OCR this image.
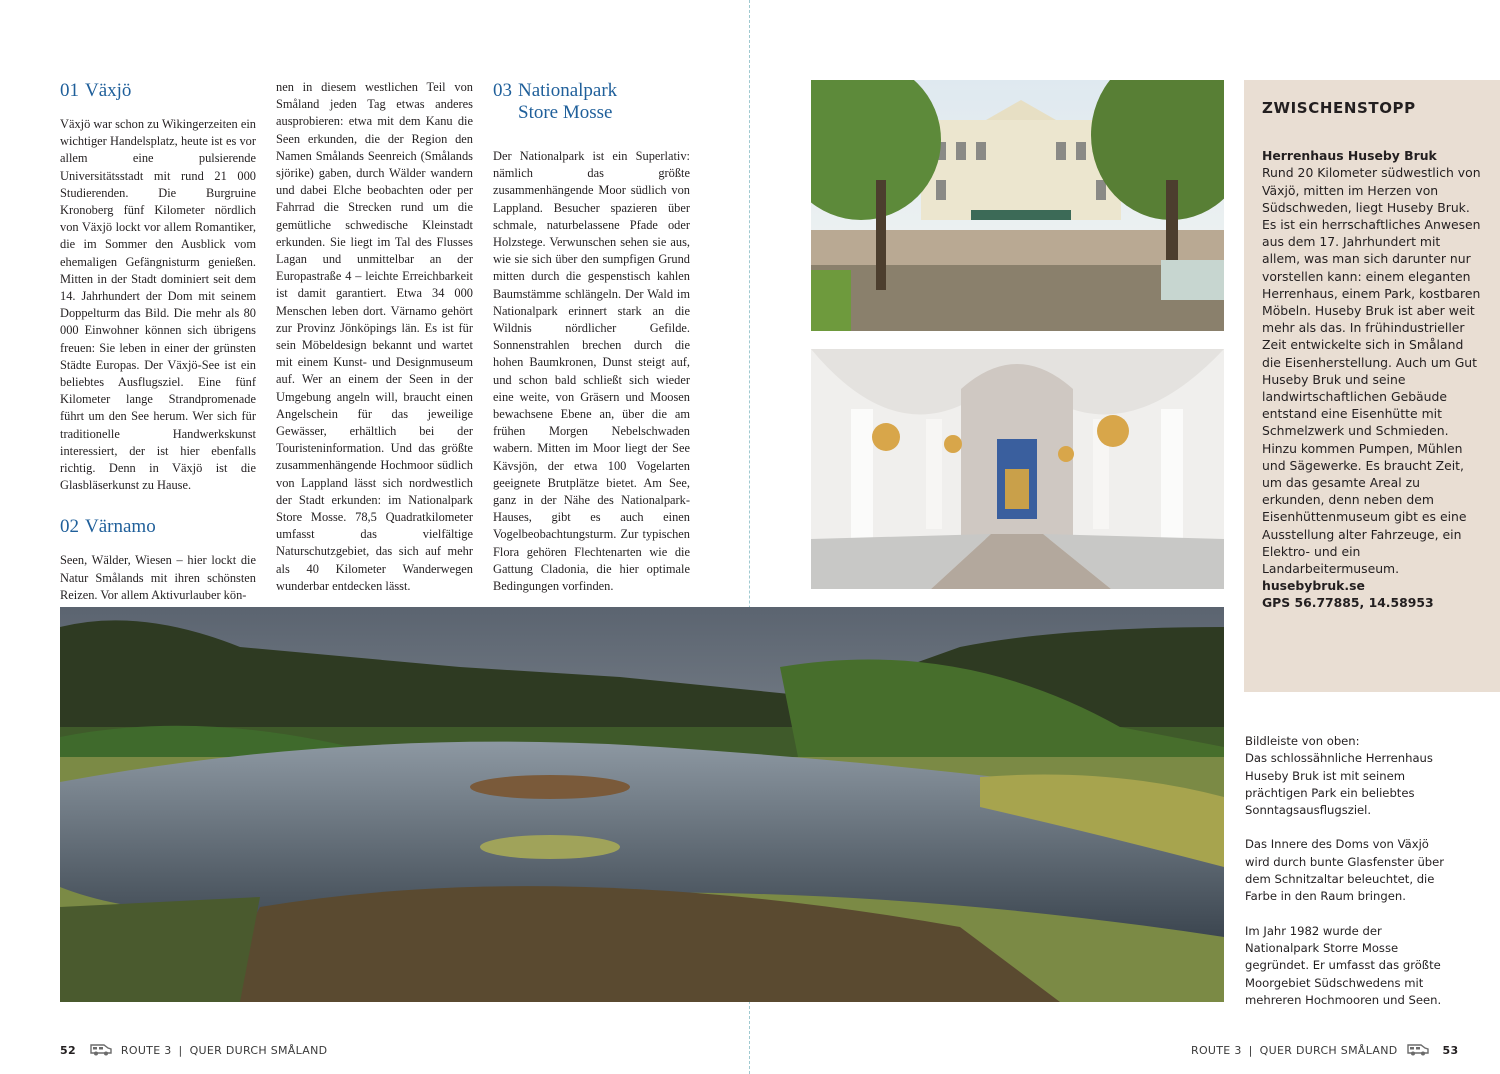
01 Växjö

Växjö war schon zu Wikingerzeiten ein wichtiger Handelsplatz, heute ist es vor allem eine pulsierende Universitätsstadt mit rund 21 000 Studierenden. Die Burgruine Kronoberg fünf Kilometer nördlich von Växjö lockt vor allem Romantiker, die im Sommer den Ausblick vom ehemaligen Gefängnisturm genießen. Mitten in der Stadt dominiert seit dem 14. Jahrhundert der Dom mit seinem Doppelturm das Bild. Die mehr als 80 000 Einwohner können sich übrigens freuen: Sie leben in einer der grünsten Städte Europas. Der Växjö-See ist ein beliebtes Ausflugsziel. Eine fünf Kilometer lange Strandpromenade führt um den See herum. Wer sich für traditionelle Handwerkskunst interessiert, der ist hier ebenfalls richtig. Denn in Växjö ist die Glasbläserkunst zu Hause.

02 Värnamo

Seen, Wälder, Wiesen – hier lockt die Natur Smålands mit ihren schönsten Reizen. Vor allem Aktivurlauber kön-

nen in diesem westlichen Teil von Småland jeden Tag etwas anderes ausprobieren: etwa mit dem Kanu die Seen erkunden, die der Region den Namen Smålands Seenreich (Smålands sjörike) gaben, durch Wälder wandern und dabei Elche beobachten oder per Fahrrad die Strecken rund um die gemütliche schwedische Kleinstadt erkunden. Sie liegt im Tal des Flusses Lagan und unmittelbar an der Europastraße 4 – leichte Erreichbarkeit ist damit garantiert. Etwa 34 000 Menschen leben dort. Värnamo gehört zur Provinz Jönköpings län. Es ist für sein Möbeldesign bekannt und wartet mit einem Kunst- und Designmuseum auf. Wer an einem der Seen in der Umgebung angeln will, braucht einen Angelschein für das jeweilige Gewässer, erhältlich bei der Touristeninformation. Und das größte zusammenhängende Hochmoor südlich von Lappland lässt sich nordwestlich der Stadt erkunden: im Nationalpark Store Mosse. 78,5 Quadratkilometer umfasst das vielfältige Naturschutzgebiet, das sich auf mehr als 40 Kilometer Wanderwegen wunderbar entdecken lässt.

03 Nationalpark
Store Mosse

Der Nationalpark ist ein Superlativ: nämlich das größte zusammenhängende Moor südlich von Lappland. Besucher spazieren über schmale, naturbelassene Pfade oder Holzstege. Verwunschen sehen sie aus, wie sie sich über den sumpfigen Grund mitten durch die gespenstisch kahlen Baumstämme schlängeln. Der Wald im Nationalpark erinnert stark an die Wildnis nördlicher Gefilde. Sonnenstrahlen brechen durch die hohen Baumkronen, Dunst steigt auf, und schon bald schließt sich wieder eine weite, von Gräsern und Moosen bewachsene Ebene an, über die am frühen Morgen Nebelschwaden wabern. Mitten im Moor liegt der See Kävsjön, der etwa 100 Vogelarten geeignete Brutplätze bietet. Am See, ganz in der Nähe des Nationalpark-Hauses, gibt es auch einen Vogelbeobachtungsturm. Zur typischen Flora gehören Flechtenarten wie die Gattung Cladonia, die hier optimale Bedingungen vorfinden.

ZWISCHENSTOPP
Herrenhaus Huseby Bruk
Rund 20 Kilometer südwestlich von Växjö, mitten im Herzen von Südschweden, liegt Huseby Bruk. Es ist ein herrschaftliches Anwesen aus dem 17. Jahrhundert mit allem, was man sich darunter nur vorstellen kann: einem eleganten Herrenhaus, einem Park, kostbaren Möbeln. Huseby Bruk ist aber weit mehr als das. In frühindustrieller Zeit entwickelte sich in Småland die Eisenherstellung. Auch um Gut Huseby Bruk und seine landwirtschaftlichen Gebäude entstand eine Eisenhütte mit Schmelzwerk und Schmieden. Hinzu kommen Pumpen, Mühlen und Sägewerke. Es braucht Zeit, um das gesamte Areal zu erkunden, denn neben dem Eisenhüttenmuseum gibt es eine Ausstellung alter Fahrzeuge, ein Elektro- und ein Landarbeitermuseum.
husebybruk.se
GPS 56.77885, 14.58953

Bildleiste von oben:
Das schlossähnliche Herrenhaus Huseby Bruk ist mit seinem prächtigen Park ein beliebtes Sonntagsausflugsziel.

Das Innere des Doms von Växjö wird durch bunte Glasfenster über dem Schnitzaltar beleuchtet, die Farbe in den Raum bringen.

Im Jahr 1982 wurde der Nationalpark Storre Mosse gegründet. Er umfasst das größte Moorgebiet Südschwedens mit mehreren Hochmooren und Seen.

52	ROUTE 3 | QUER DURCH SMÅLAND	ROUTE 3 | QUER DURCH SMÅLAND	53
